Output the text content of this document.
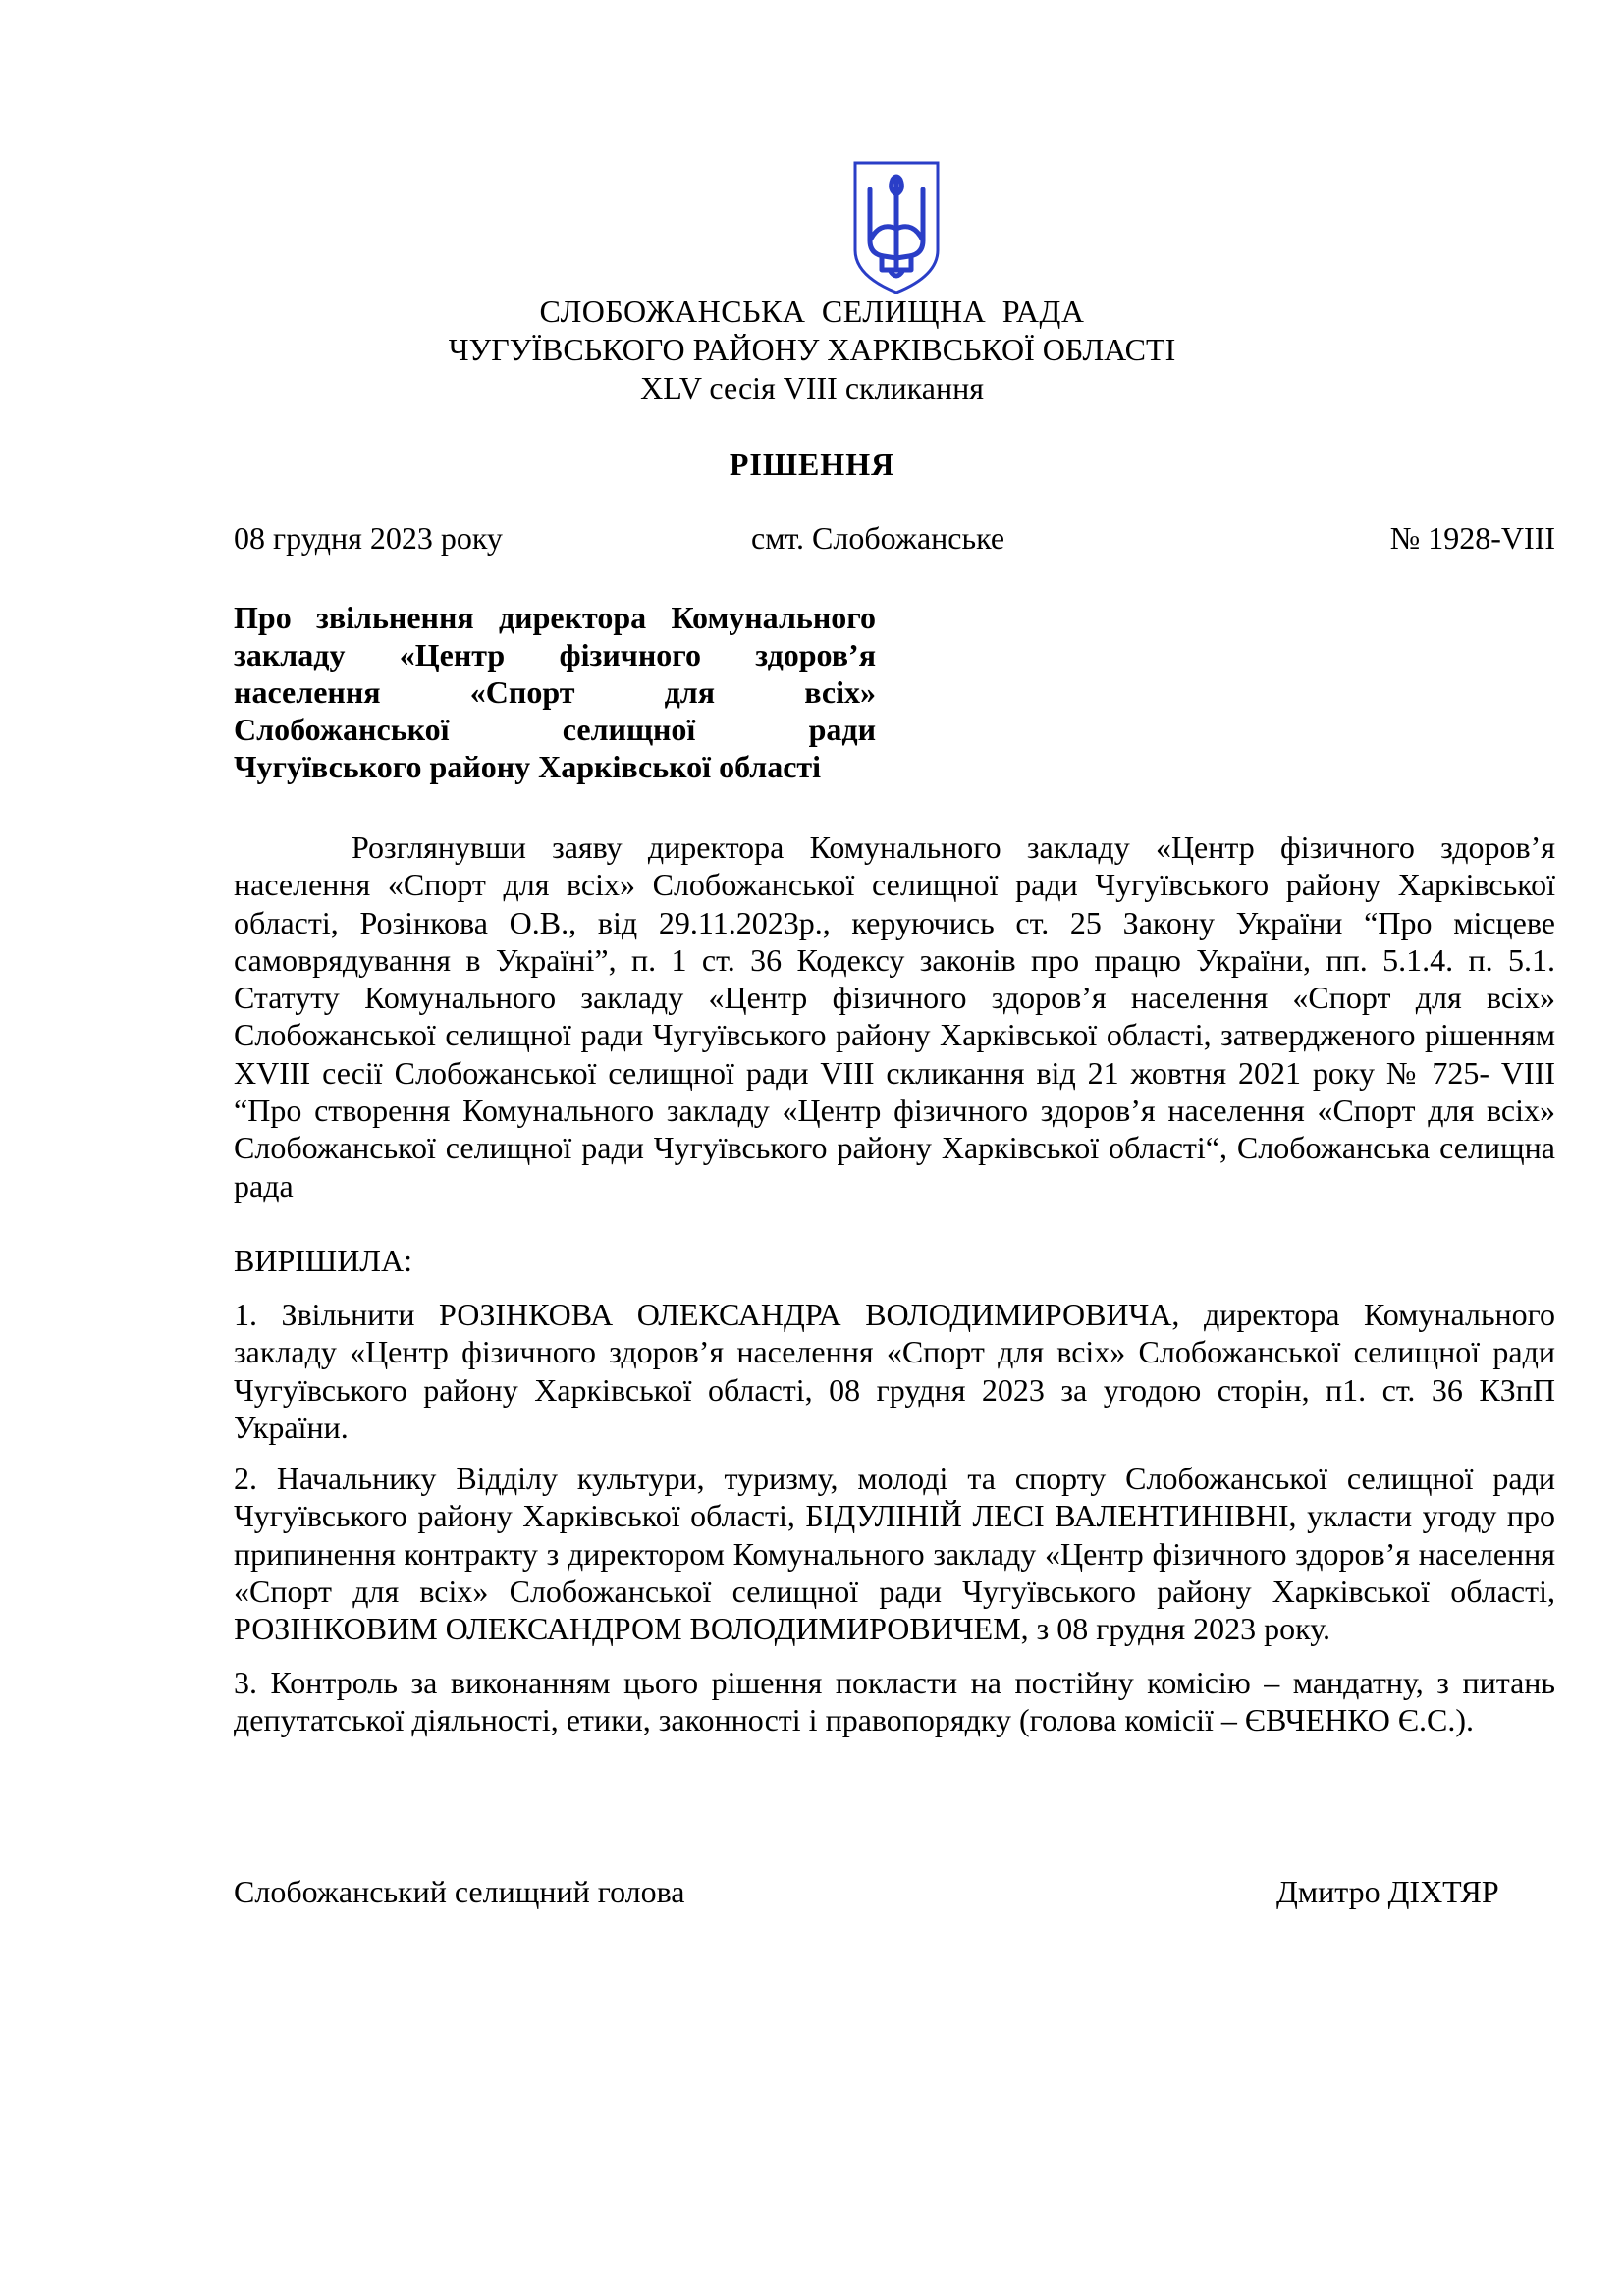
СЛОБОЖАНСЬКА СЕЛИЩНА РАДА
ЧУГУЇВСЬКОГО РАЙОНУ ХАРКІВСЬКОЇ ОБЛАСТІ
XLV сесія VIII скликання
РІШЕННЯ
08 грудня 2023 року	смт. Слобожанське	№ 1928-VIII
Про звільнення директора Комунального
закладу «Центр фізичного здоров’я
населення «Спорт для всіх»
Слобожанської селищної ради
Чугуївського району Харківської області

Розглянувши заяву директора Комунального закладу «Центр фізичного здоров’я населення «Спорт для всіх» Слобожанської селищної ради Чугуївського району Харківської області, Розінкова О.В., від 29.11.2023р., керуючись ст. 25 Закону України “Про місцеве самоврядування в Україні”, п. 1 ст. 36 Кодексу законів про працю України, пп. 5.1.4. п. 5.1. Статуту Комунального закладу «Центр фізичного здоров’я населення «Спорт для всіх» Слобожанської селищної ради Чугуївського району Харківської області, затвердженого рішенням XVIII сесії Слобожанської селищної ради VIII скликання від 21 жовтня 2021 року № 725- VIII “Про створення Комунального закладу «Центр фізичного здоров’я населення «Спорт для всіх» Слобожанської селищної ради Чугуївського району Харківської області“, Слобожанська селищна рада

ВИРІШИЛА:

1. Звільнити РОЗІНКОВА ОЛЕКСАНДРА ВОЛОДИМИРОВИЧА, директора Комунального закладу «Центр фізичного здоров’я населення «Спорт для всіх» Слобожанської селищної ради Чугуївського району Харківської області, 08 грудня 2023 за угодою сторін, п1. ст. 36 КЗпП України.

2. Начальнику Відділу культури, туризму, молоді та спорту Слобожанської селищної ради Чугуївського району Харківської області, БІДУЛІНІЙ ЛЕСІ ВАЛЕНТИНІВНІ, укласти угоду про припинення контракту з директором Комунального закладу «Центр фізичного здоров’я населення «Спорт для всіх» Слобожанської селищної ради Чугуївського району Харківської області, РОЗІНКОВИМ ОЛЕКСАНДРОМ ВОЛОДИМИРОВИЧЕМ, з 08 грудня 2023 року.

3. Контроль за виконанням цього рішення покласти на постійну комісію – мандатну, з питань депутатської діяльності, етики, законності і правопорядку (голова комісії – ЄВЧЕНКО Є.С.).

Слобожанський селищний голова	Дмитро ДІХТЯР
